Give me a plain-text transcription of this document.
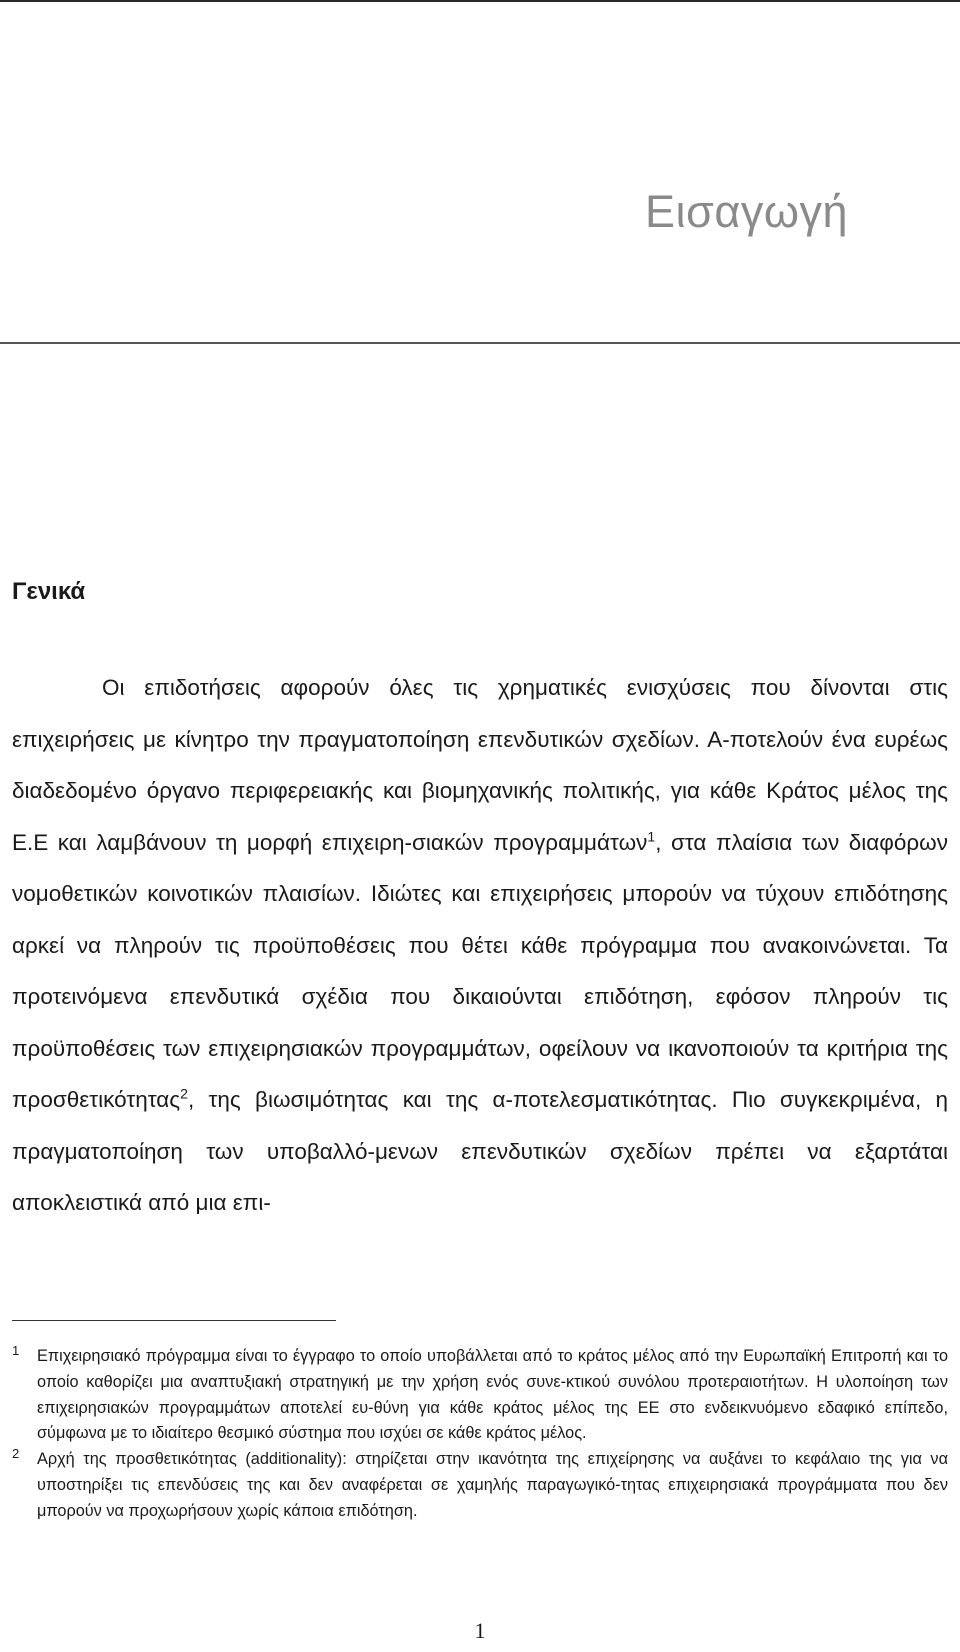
Εισαγωγή
Γενικά

Οι επιδοτήσεις αφορούν όλες τις χρηματικές ενισχύσεις που δίνονται στις επιχειρήσεις με κίνητρο την πραγματοποίηση επενδυτικών σχεδίων. Α-ποτελούν ένα ευρέως διαδεδομένο όργανο περιφερειακής και βιομηχανικής πολιτικής, για κάθε Κράτος μέλος της Ε.Ε και λαμβάνουν τη μορφή επιχειρη-σιακών προγραμμάτων$^1$, στα πλαίσια των διαφόρων νομοθετικών κοινοτικών πλαισίων. Ιδιώτες και επιχειρήσεις μπορούν να τύχουν επιδότησης αρκεί να πληρούν τις προϋποθέσεις που θέτει κάθε πρόγραμμα που ανακοινώνεται. Τα προτεινόμενα επενδυτικά σχέδια που δικαιούνται επιδότηση, εφόσον πληρούν τις προϋποθέσεις των επιχειρησιακών προγραμμάτων, οφείλουν να ικανοποιούν τα κριτήρια της προσθετικότητας$^2$, της βιωσιμότητας και της α-ποτελεσματικότητας. Πιο συγκεκριμένα, η πραγματοποίηση των υποβαλλό-μενων επενδυτικών σχεδίων πρέπει να εξαρτάται αποκλειστικά από μια επι-

1 Επιχειρησιακό πρόγραμμα είναι το έγγραφο το οποίο υποβάλλεται από το κράτος μέλος από την Ευρωπαϊκή Επιτροπή και το οποίο καθορίζει μια αναπτυξιακή στρατηγική με την χρήση ενός συνε-κτικού συνόλου προτεραιοτήτων. Η υλοποίηση των επιχειρησιακών προγραμμάτων αποτελεί ευ-θύνη για κάθε κράτος μέλος της ΕΕ στο ενδεικνυόμενο εδαφικό επίπεδο, σύμφωνα με το ιδιαίτερο θεσμικό σύστημα που ισχύει σε κάθε κράτος μέλος.
2 Αρχή της προσθετικότητας (additionality): στηρίζεται στην ικανότητα της επιχείρησης να αυξάνει το κεφάλαιο της για να υποστηρίξει τις επενδύσεις της και δεν αναφέρεται σε χαμηλής παραγωγικό-τητας επιχειρησιακά προγράμματα που δεν μπορούν να προχωρήσουν χωρίς κάποια επιδότηση.
1
